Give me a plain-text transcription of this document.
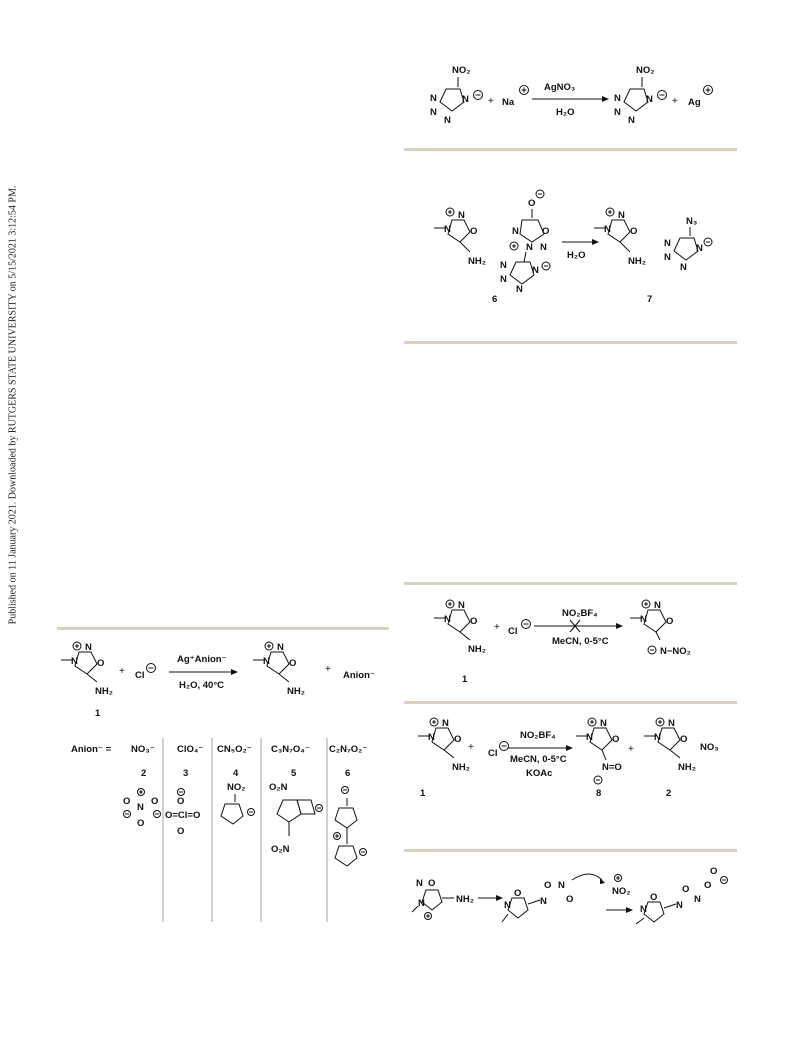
Published on 11 January 2021. Downloaded by RUTGERS STATE UNIVERSITY on 5/15/2021 3:12:54 PM.
NO₂
N
N
N
N + Na
AgNO₃
H₂O
NO₂
N
N
N
N + Ag
N
N
O
NH₂
O
O
N
N
N
N
N
N
N
H₂O
N
N
O
NH₂
N₃
N
N
N
N
6	7
N
N
O
NH₂
+ Cl
NO₂BF₄
MeCN, 0-5°C
N
N
O
N−NO₂
1
N
N
O
NH₂
+
Cl
NO₂BF₄
MeCN, 0-5°C
KOAc
N
N
O
N=O
+
N
N
O
NH₂
NO₃
1	8	2
O
N
N	NH₂
O
N	N
O N
O
NO₂
O
N	N
O
N
O
O
N
N
O
NH₂
+ Cl
Ag⁺Anion⁻
H₂O, 40°C
N
N
O
NH₂
+
Anion⁻
1
Anion⁻ = NO₃⁻ ClO₄⁻ CN₅O₂⁻ C₃N₇O₄⁻ C₂N₇O₂⁻
2	3	4	5	6
N
O O
O
O
O=Cl=O
O
NO₂ O₂N
O₂N
